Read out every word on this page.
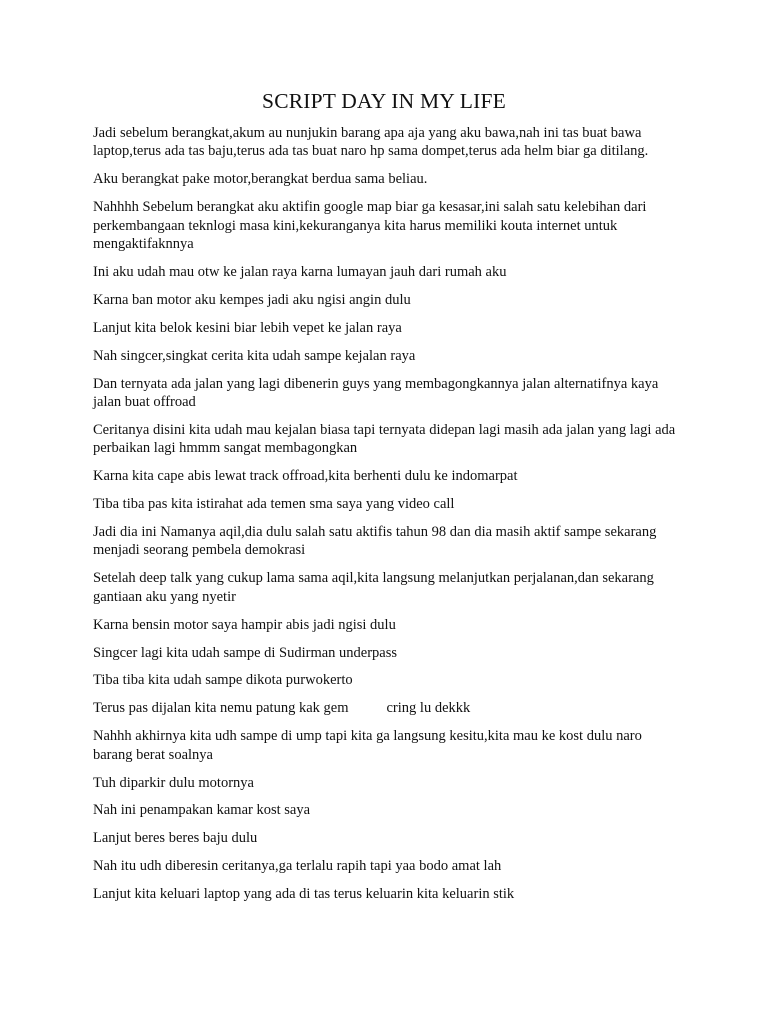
SCRIPT DAY IN MY LIFE

Jadi sebelum berangkat,akum au nunjukin barang apa aja yang aku bawa,nah ini tas buat bawa laptop,terus ada tas baju,terus ada tas buat naro hp sama dompet,terus ada helm biar ga ditilang.

Aku berangkat pake motor,berangkat berdua sama beliau.

Nahhhh Sebelum berangkat aku aktifin google map biar ga kesasar,ini salah satu kelebihan dari perkembangaan teknlogi masa kini,kekuranganya kita harus memiliki kouta internet untuk mengaktifaknnya

Ini aku udah mau otw ke jalan raya karna lumayan jauh dari rumah aku

Karna ban motor aku kempes jadi aku ngisi angin dulu

Lanjut kita belok kesini biar lebih vepet ke jalan raya

Nah singcer,singkat cerita kita udah sampe kejalan raya

Dan ternyata ada jalan yang lagi dibenerin guys yang membagongkannya jalan alternatifnya kaya jalan buat offroad

Ceritanya disini kita udah mau kejalan biasa tapi ternyata didepan lagi masih ada jalan yang lagi ada perbaikan lagi hmmm sangat membagongkan

Karna kita cape abis lewat track offroad,kita berhenti dulu ke indomarpat

Tiba tiba pas kita istirahat ada temen sma saya yang video call

Jadi dia ini Namanya aqil,dia dulu salah satu aktifis tahun 98 dan dia masih aktif sampe sekarang menjadi seorang pembela demokrasi

Setelah deep talk yang cukup lama sama aqil,kita langsung melanjutkan perjalanan,dan sekarang gantiaan aku yang nyetir

Karna bensin motor saya hampir abis jadi ngisi dulu

Singcer lagi kita udah sampe di Sudirman underpass

Tiba tiba kita udah sampe dikota purwokerto

Terus pas dijalan kita nemu patung kak gem	cring lu dekkk

Nahhh akhirnya kita udh sampe di ump tapi kita ga langsung kesitu,kita mau ke kost dulu naro barang berat soalnya

Tuh diparkir dulu motornya

Nah ini penampakan kamar kost saya

Lanjut beres beres baju dulu

Nah itu udh diberesin ceritanya,ga terlalu rapih tapi yaa bodo amat lah

Lanjut kita keluari laptop yang ada di tas terus keluarin kita keluarin stik
